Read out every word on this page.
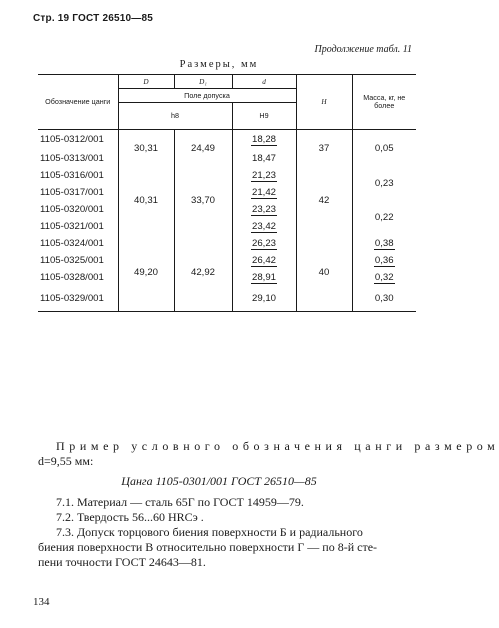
Стр. 19 ГОСТ 26510—85
Продолжение табл. 11
Размеры, мм
Обозначение цанги	D	D₁	d	H	Масса, кг, не более
	Поле допуска				
	h8		H9		
1105-0312/001	30,31	24,49	18,28	37	0,05
1105-0313/001			18,47		
1105-0316/001	40,31	33,70	21,23	42	0,23
1105-0317/001			21,42		
1105-0320/001			23,23		0,22
1105-0321/001			23,42		
1105-0324/001	49,20	42,92	26,23	40	0,38
1105-0325/001			26,42		0,36
1105-0328/001			28,91		0,32
1105-0329/001			29,10		0,30
Пример условного обозначения цанги размером
d=9,55 мм:
Цанга 1105-0301/001 ГОСТ 26510—85
7.1. Материал — сталь 65Г по ГОСТ 14959—79.
7.2. Твердость 56...60 HRCэ .
7.3. Допуск торцового биения поверхности Б и радиального
биения поверхности В относительно поверхности Г — по 8-й сте-
пени точности ГОСТ 24643—81.
134
